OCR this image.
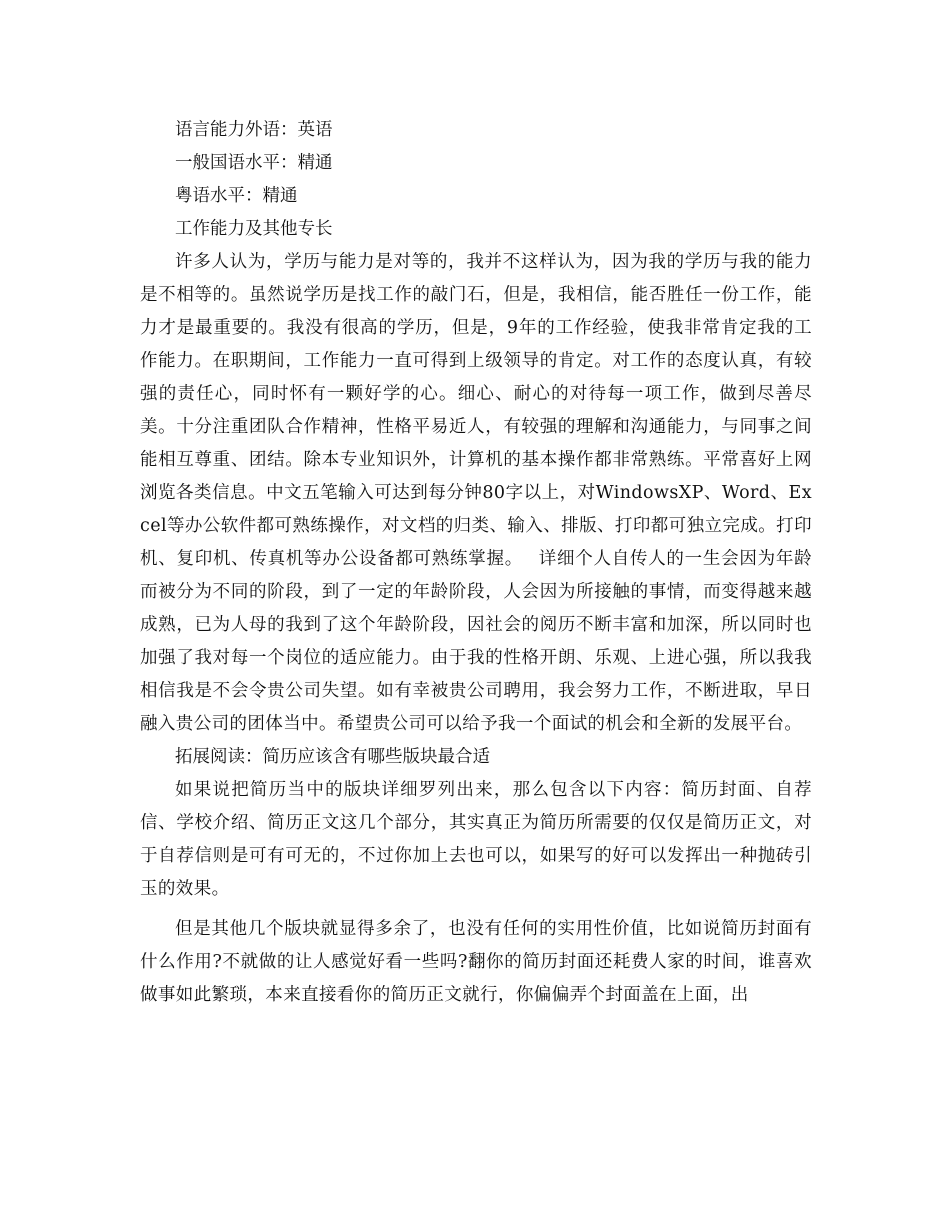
语言能力外语：英语

一般国语水平：精通

粤语水平：精通

工作能力及其他专长

许多人认为，学历与能力是对等的，我并不这样认为，因为我的学历与我的能力是不相等的。虽然说学历是找工作的敲门石，但是，我相信，能否胜任一份工作，能力才是最重要的。我没有很高的学历，但是，9年的工作经验，使我非常肯定我的工作能力。在职期间，工作能力一直可得到上级领导的肯定。对工作的态度认真，有较强的责任心，同时怀有一颗好学的心。细心、耐心的对待每一项工作，做到尽善尽美。十分注重团队合作精神，性格平易近人，有较强的理解和沟通能力，与同事之间能相互尊重、团结。除本专业知识外，计算机的基本操作都非常熟练。平常喜好上网浏览各类信息。中文五笔输入可达到每分钟80字以上，对WindowsXP、Word、Excel等办公软件都可熟练操作，对文档的归类、输入、排版、打印都可独立完成。打印机、复印机、传真机等办公设备都可熟练掌握。　 详细个人自传人的一生会因为年龄而被分为不同的阶段，到了一定的年龄阶段，人会因为所接触的事情，而变得越来越成熟，已为人母的我到了这个年龄阶段，因社会的阅历不断丰富和加深，所以同时也加强了我对每一个岗位的适应能力。由于我的性格开朗、乐观、上进心强，所以我我相信我是不会令贵公司失望。如有幸被贵公司聘用，我会努力工作，不断进取，早日融入贵公司的团体当中。希望贵公司可以给予我一个面试的机会和全新的发展平台。

拓展阅读：简历应该含有哪些版块最合适

如果说把简历当中的版块详细罗列出来，那么包含以下内容：简历封面、自荐信、学校介绍、简历正文这几个部分，其实真正为简历所需要的仅仅是简历正文，对于自荐信则是可有可无的，不过你加上去也可以，如果写的好可以发挥出一种抛砖引玉的效果。

但是其他几个版块就显得多余了，也没有任何的实用性价值，比如说简历封面有什么作用?不就做的让人感觉好看一些吗?翻你的简历封面还耗费人家的时间，谁喜欢做事如此繁琐，本来直接看你的简历正文就行，你偏偏弄个封面盖在上面，出
